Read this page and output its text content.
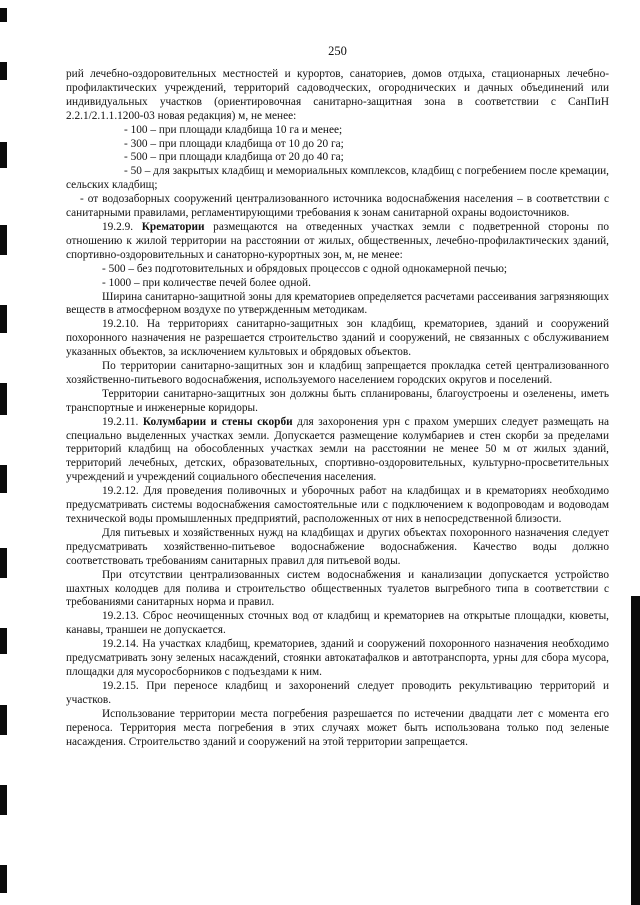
250

рий лечебно-оздоровительных местностей и курортов, санаториев, домов отдыха, стационарных лечебно-профилактических учреждений, территорий садоводческих, огороднических и дачных объединений или индивидуальных участков (ориентировочная санитарно-защитная зона в соответствии с СанПиН 2.2.1/2.1.1.1200-03 новая редакция) м, не менее:

- 100 – при площади кладбища 10 га и менее;

- 300 – при площади кладбища от 10 до 20 га;

- 500 – при площади кладбища от 20 до 40 га;

- 50 – для закрытых кладбищ и мемориальных комплексов, кладбищ с погребением после кремации, сельских кладбищ;

- от водозаборных сооружений централизованного источника водоснабжения населения – в соответствии с санитарными правилами, регламентирующими требования к зонам санитарной охраны водоисточников.

19.2.9. Крематории размещаются на отведенных участках земли с подветренной стороны по отношению к жилой территории на расстоянии от жилых, общественных, лечебно-профилактических зданий, спортивно-оздоровительных и санаторно-курортных зон, м, не менее:

- 500 – без подготовительных и обрядовых процессов с одной однокамерной печью;

- 1000 – при количестве печей более одной.

Ширина санитарно-защитной зоны для крематориев определяется расчетами рассеивания загрязняющих веществ в атмосферном воздухе по утвержденным методикам.

19.2.10. На территориях санитарно-защитных зон кладбищ, крематориев, зданий и сооружений похоронного назначения не разрешается строительство зданий и сооружений, не связанных с обслуживанием указанных объектов, за исключением культовых и обрядовых объектов.

По территории санитарно-защитных зон и кладбищ запрещается прокладка сетей централизованного хозяйственно-питьевого водоснабжения, используемого населением городских округов и поселений.

Территории санитарно-защитных зон должны быть спланированы, благоустроены и озеленены, иметь транспортные и инженерные коридоры.

19.2.11. Колумбарии и стены скорби для захоронения урн с прахом умерших следует размещать на специально выделенных участках земли. Допускается размещение колумбариев и стен скорби за пределами территорий кладбищ на обособленных участках земли на расстоянии не менее 50 м от жилых зданий, территорий лечебных, детских, образовательных, спортивно-оздоровительных, культурно-просветительных учреждений и учреждений социального обеспечения населения.

19.2.12. Для проведения поливочных и уборочных работ на кладбищах и в крематориях необходимо предусматривать системы водоснабжения самостоятельные или с подключением к водопроводам и водоводам технической воды промышленных предприятий, расположенных от них в непосредственной близости.

Для питьевых и хозяйственных нужд на кладбищах и других объектах похоронного назначения следует предусматривать хозяйственно-питьевое водоснабжение водоснабжения. Качество воды должно соответствовать требованиям санитарных правил для питьевой воды.

При отсутствии централизованных систем водоснабжения и канализации допускается устройство шахтных колодцев для полива и строительство общественных туалетов выгребного типа в соответствии с требованиями санитарных норма и правил.

19.2.13. Сброс неочищенных сточных вод от кладбищ и крематориев на открытые площадки, кюветы, канавы, траншеи не допускается.

19.2.14. На участках кладбищ, крематориев, зданий и сооружений похоронного назначения необходимо предусматривать зону зеленых насаждений, стоянки автокатафалков и автотранспорта, урны для сбора мусора, площадки для мусоросборников с подъездами к ним.

19.2.15. При переносе кладбищ и захоронений следует проводить рекультивацию территорий и участков.

Использование территории места погребения разрешается по истечении двадцати лет с момента его переноса. Территория места погребения в этих случаях может быть использована только под зеленые насаждения. Строительство зданий и сооружений на этой территории запрещается.
